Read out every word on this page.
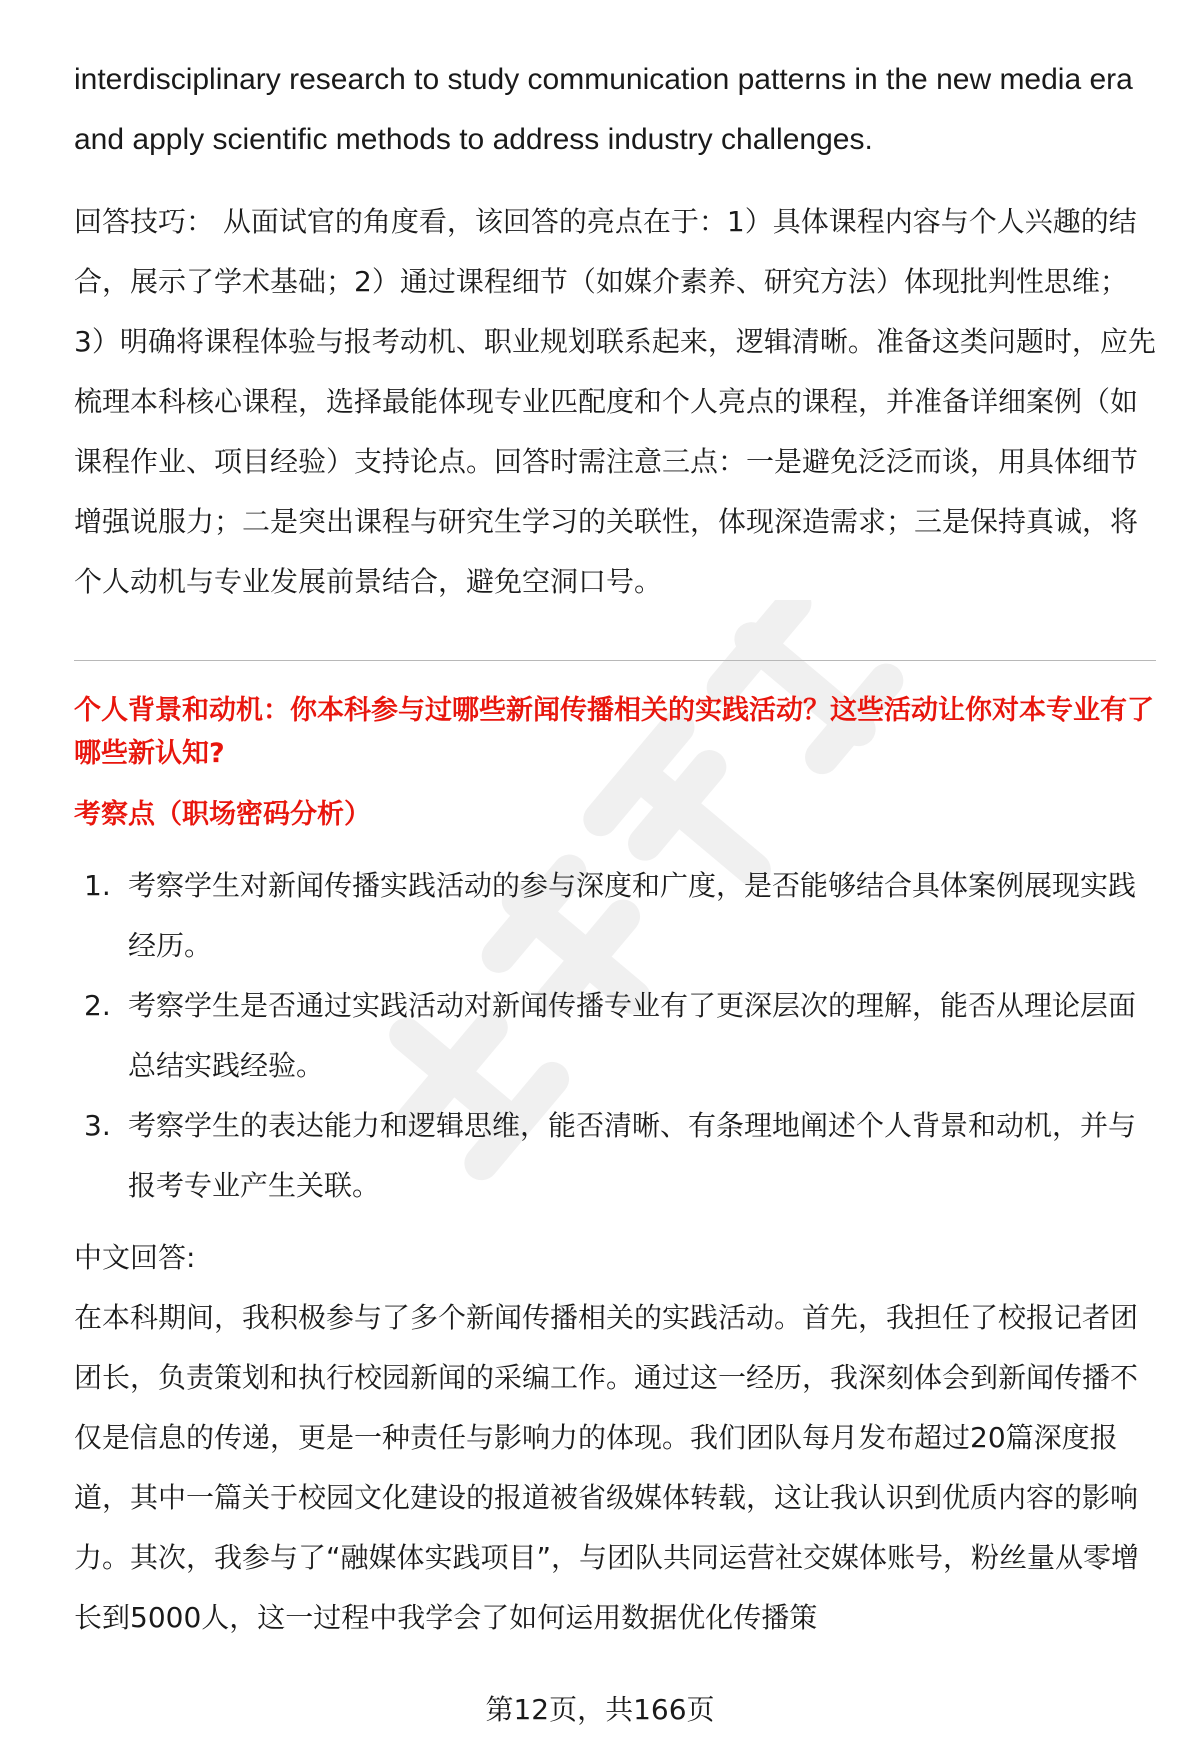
interdisciplinary research to study communication patterns in the new media era and apply scientific methods to address industry challenges.

回答技巧： 从面试官的角度看，该回答的亮点在于：1）具体课程内容与个人兴趣的结合，展示了学术基础；2）通过课程细节（如媒介素养、研究方法）体现批判性思维；3）明确将课程体验与报考动机、职业规划联系起来，逻辑清晰。准备这类问题时，应先梳理本科核心课程，选择最能体现专业匹配度和个人亮点的课程，并准备详细案例（如课程作业、项目经验）支持论点。回答时需注意三点：一是避免泛泛而谈，用具体细节增强说服力；二是突出课程与研究生学习的关联性，体现深造需求；三是保持真诚，将个人动机与专业发展前景结合，避免空洞口号。

个人背景和动机：你本科参与过哪些新闻传播相关的实践活动？这些活动让你对本专业有了哪些新认知?

考察点（职场密码分析）

1. 考察学生对新闻传播实践活动的参与深度和广度，是否能够结合具体案例展现实践经历。
2. 考察学生是否通过实践活动对新闻传播专业有了更深层次的理解，能否从理论层面总结实践经验。
3. 考察学生的表达能力和逻辑思维，能否清晰、有条理地阐述个人背景和动机，并与报考专业产生关联。

中文回答:

在本科期间，我积极参与了多个新闻传播相关的实践活动。首先，我担任了校报记者团团长，负责策划和执行校园新闻的采编工作。通过这一经历，我深刻体会到新闻传播不仅是信息的传递，更是一种责任与影响力的体现。我们团队每月发布超过20篇深度报道，其中一篇关于校园文化建设的报道被省级媒体转载，这让我认识到优质内容的影响力。其次，我参与了“融媒体实践项目”，与团队共同运营社交媒体账号，粉丝量从零增长到5000人，这一过程中我学会了如何运用数据优化传播策

第12页，共166页
